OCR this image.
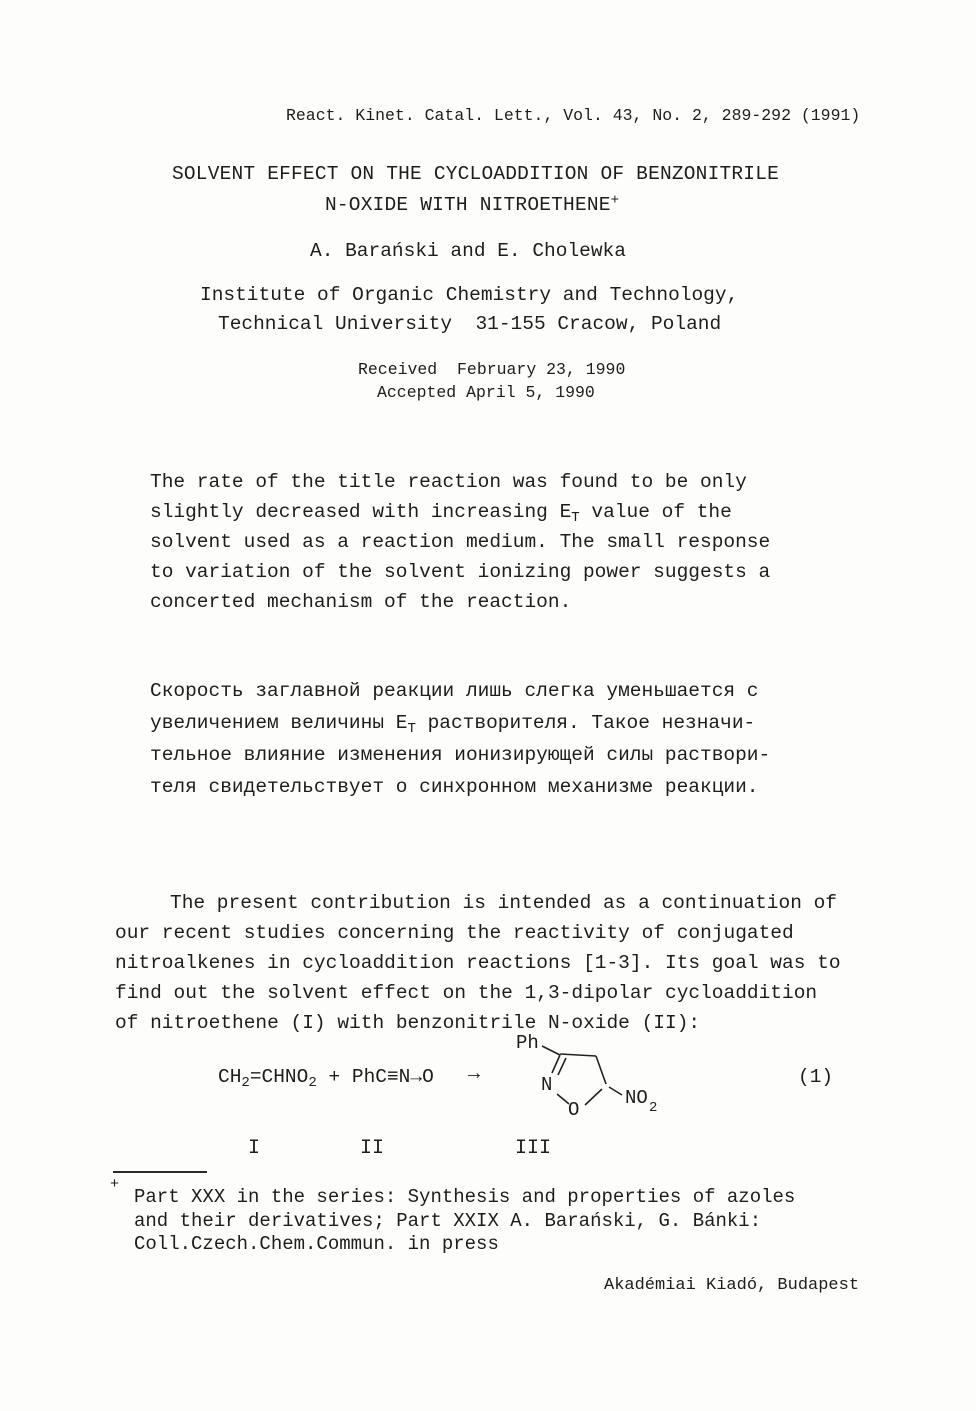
React. Kinet. Catal. Lett., Vol. 43, No. 2, 289-292 (1991)
SOLVENT EFFECT ON THE CYCLOADDITION OF BENZONITRILE
N-OXIDE WITH NITROETHENE+
A. Barański and E. Cholewka
Institute of Organic Chemistry and Technology,
Technical University  31-155 Cracow, Poland
Received  February 23, 1990
Accepted April 5, 1990
The rate of the title reaction was found to be only
slightly decreased with increasing $E_T$ value of the
solvent used as a reaction medium. The small response
to variation of the solvent ionizing power suggests a
concerted mechanism of the reaction.
Скорость заглавной реакции лишь слегка уменьшается с
увеличением величины $Е_Т$ растворителя. Такое незначи-
тельное влияние изменения ионизирующей силы раствори-
теля свидетельствует о синхронном механизме реакции.
The present contribution is intended as a continuation of
our recent studies concerning the reactivity of conjugated
nitroalkenes in cycloaddition reactions [1-3]. Its goal was to
find out the solvent effect on the 1,3-dipolar cycloaddition
of nitroethene (I) with benzonitrile N-oxide (II):
$CH_2=CHNO_2 + PhC\equiv N\to O$ →
Ph
N
O
NO 2
(1)
I	II	III
+
Part XXX in the series: Synthesis and properties of azoles
and their derivatives; Part XXIX A. Barański, G. Bánki:
Coll.Czech.Chem.Commun. in press
Akadémiai Kiadó, Budapest
